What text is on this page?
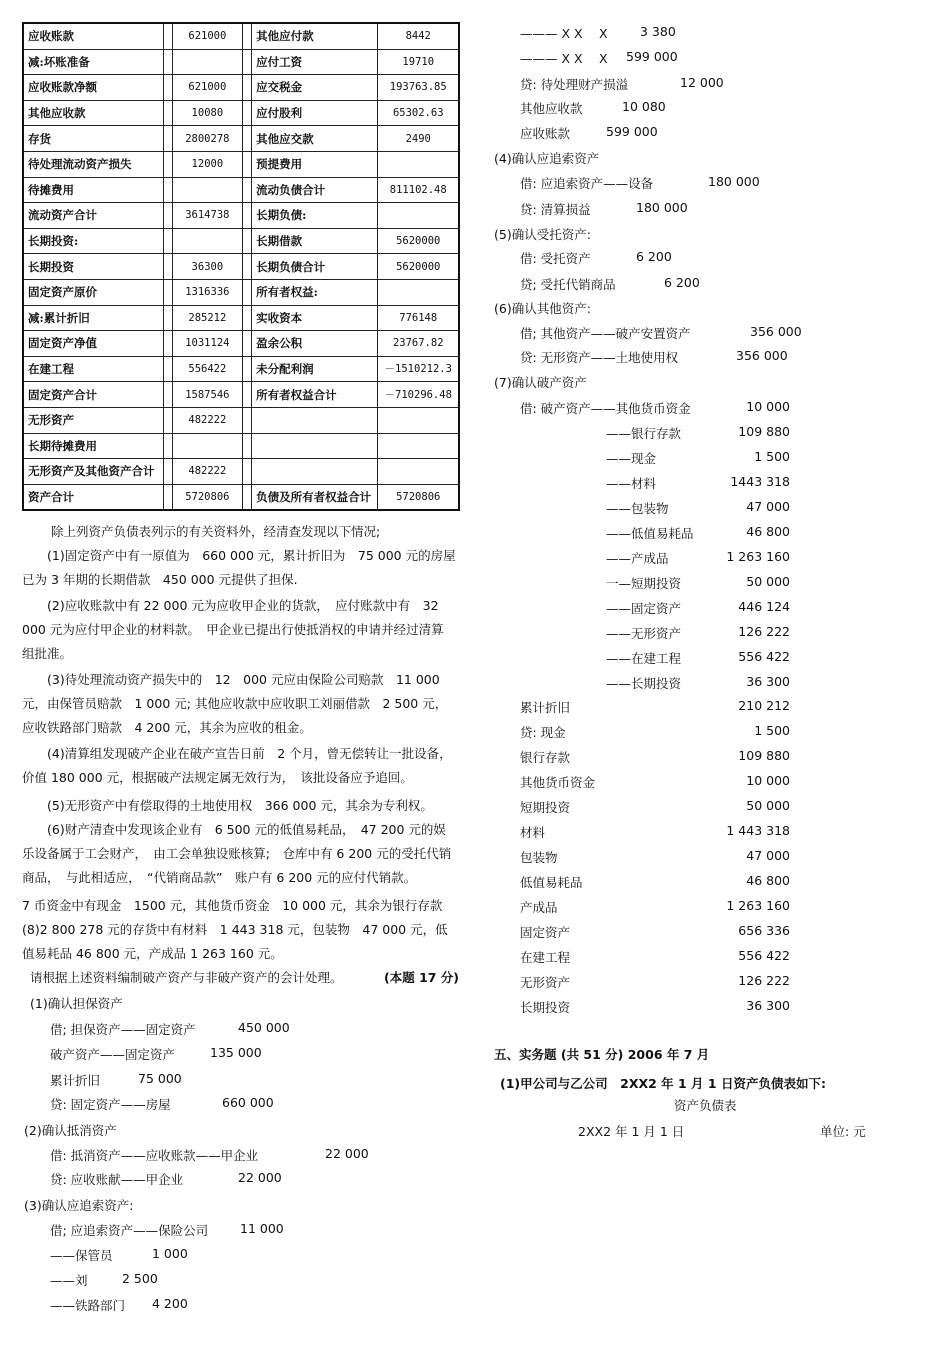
应收账款		621000		其他应付款	8442
减:坏账准备				应付工资	19710
应收账款净额		621000		应交税金	193763.85
其他应收款		10080		应付股利	65302.63
存货		2800278		其他应交款	2490
待处理流动资产损失		12000		预提费用	
待摊费用				流动负债合计	811102.48
流动资产合计		3614738		长期负债:	
长期投资:				长期借款	5620000
长期投资		36300		长期负债合计	5620000
固定资产原价		1316336		所有者权益:	
减:累计折旧		285212		实收资本	776148
固定资产净值		1031124		盈余公积	23767.82
在建工程		556422		未分配利润	－1510212.3
固定资产合计		1587546		所有者权益合计	－710296.48
无形资产		482222			
长期待摊费用					
无形资产及其他资产合计		482222			
资产合计		5720806		负债及所有者权益合计	5720806

除上列资产负债表列示的有关资料外，经清查发现以下情况;

(1)固定资产中有一原值为　660 000 元，累计折旧为　75 000 元的房屋已为 3 年期的长期借款　450 000 元提供了担保.

(2)应收账款中有 22 000 元为应收甲企业的货款，　应付账款中有　32 000 元为应付甲企业的材料款。　甲企业已提出行使抵消权的申请并经过清算组批准。

(3)待处理流动资产损失中的　12　000 元应由保险公司赔款　11 000 元，由保管员赔款　1 000 元; 其他应收款中应收职工刘丽借款　2 500 元，应收铁路部门赔款　4 200 元，其余为应收的租金。

(4)清算组发现破产企业在破产宣告日前　2 个月，曾无偿转让一批设备，价值 180 000 元，根据破产法规定属无效行为，　该批设备应予追回。

(5)无形资产中有偿取得的土地使用权　366 000 元，其余为专利权。

(6)财产清查中发现该企业有　6 500 元的低值易耗品，　47 200 元的娱乐设备属于工会财产，　由工会单独设账核算;　仓库中有 6 200 元的受托代销商品，　与此相适应，　“代销商品款”　账户有 6 200 元的应付代销款。

7 币资金中有现金　1500 元，其他货币资金　10 000 元，其余为银行存款

(8)2 800 278 元的存货中有材料　1 443 318 元，包装物　47 000 元，低值易耗品 46 800 元，产成品 1 263 160 元。

请根据上述资料编制破产资产与非破产资产的会计处理。	(本题 17 分)
(1)确认担保资产
借; 担保资产——固定资产	450 000
破产资产——固定资产	135 000
累计折旧	75 000
贷: 固定资产——房屋	660 000
(2)确认抵消资产
借: 抵消资产——应收账款——甲企业	22 000
贷: 应收账献——甲企业	22 000
(3)确认应追索资产:
借; 应追索资产——保险公司	11 000
——保管员	1 000
——刘	2 500
——铁路部门 4 200
——— X X　 X	3 380
——— X X　 X 599 000
贷: 待处理财产损溢	12 000
其他应收款	10 080
应收账款	599 000
(4)确认应追索资产
借: 应追索资产——设备	180 000
贷: 清算损益	180 000
(5)确认受托资产:
借: 受托资产	6 200
贷; 受托代销商品	6 200
(6)确认其他资产:
借; 其他资产——破产安置资产	356 000
贷: 无形资产——土地使用权	356 000
(7)确认破产资产
借: 破产资产——其他货币资金	10 000
——银行存款	109 880
——现金	1 500
——材料	1443 318
——包装物	47 000
——低值易耗品	46 800
——产成品	1 263 160
一—短期投资	50 000
——固定资产	446 124
——无形资产	126 222
——在建工程	556 422
——长期投资	36 300
累计折旧	210 212
贷: 现金	1 500
银行存款	109 880
其他货币资金	10 000
短期投资	50 000
材料	1 443 318
包装物	47 000
低值易耗品	46 800
产成品	1 263 160
固定资产	656 336
在建工程	556 422
无形资产	126 222
长期投资	36 300
五、实务题 (共 51 分) 2006 年 7 月
(1)甲公司与乙公司　2XX2 年 1 月 1 日资产负债表如下:
资产负债表
2XX2 年 1 月 1 日	单位: 元
